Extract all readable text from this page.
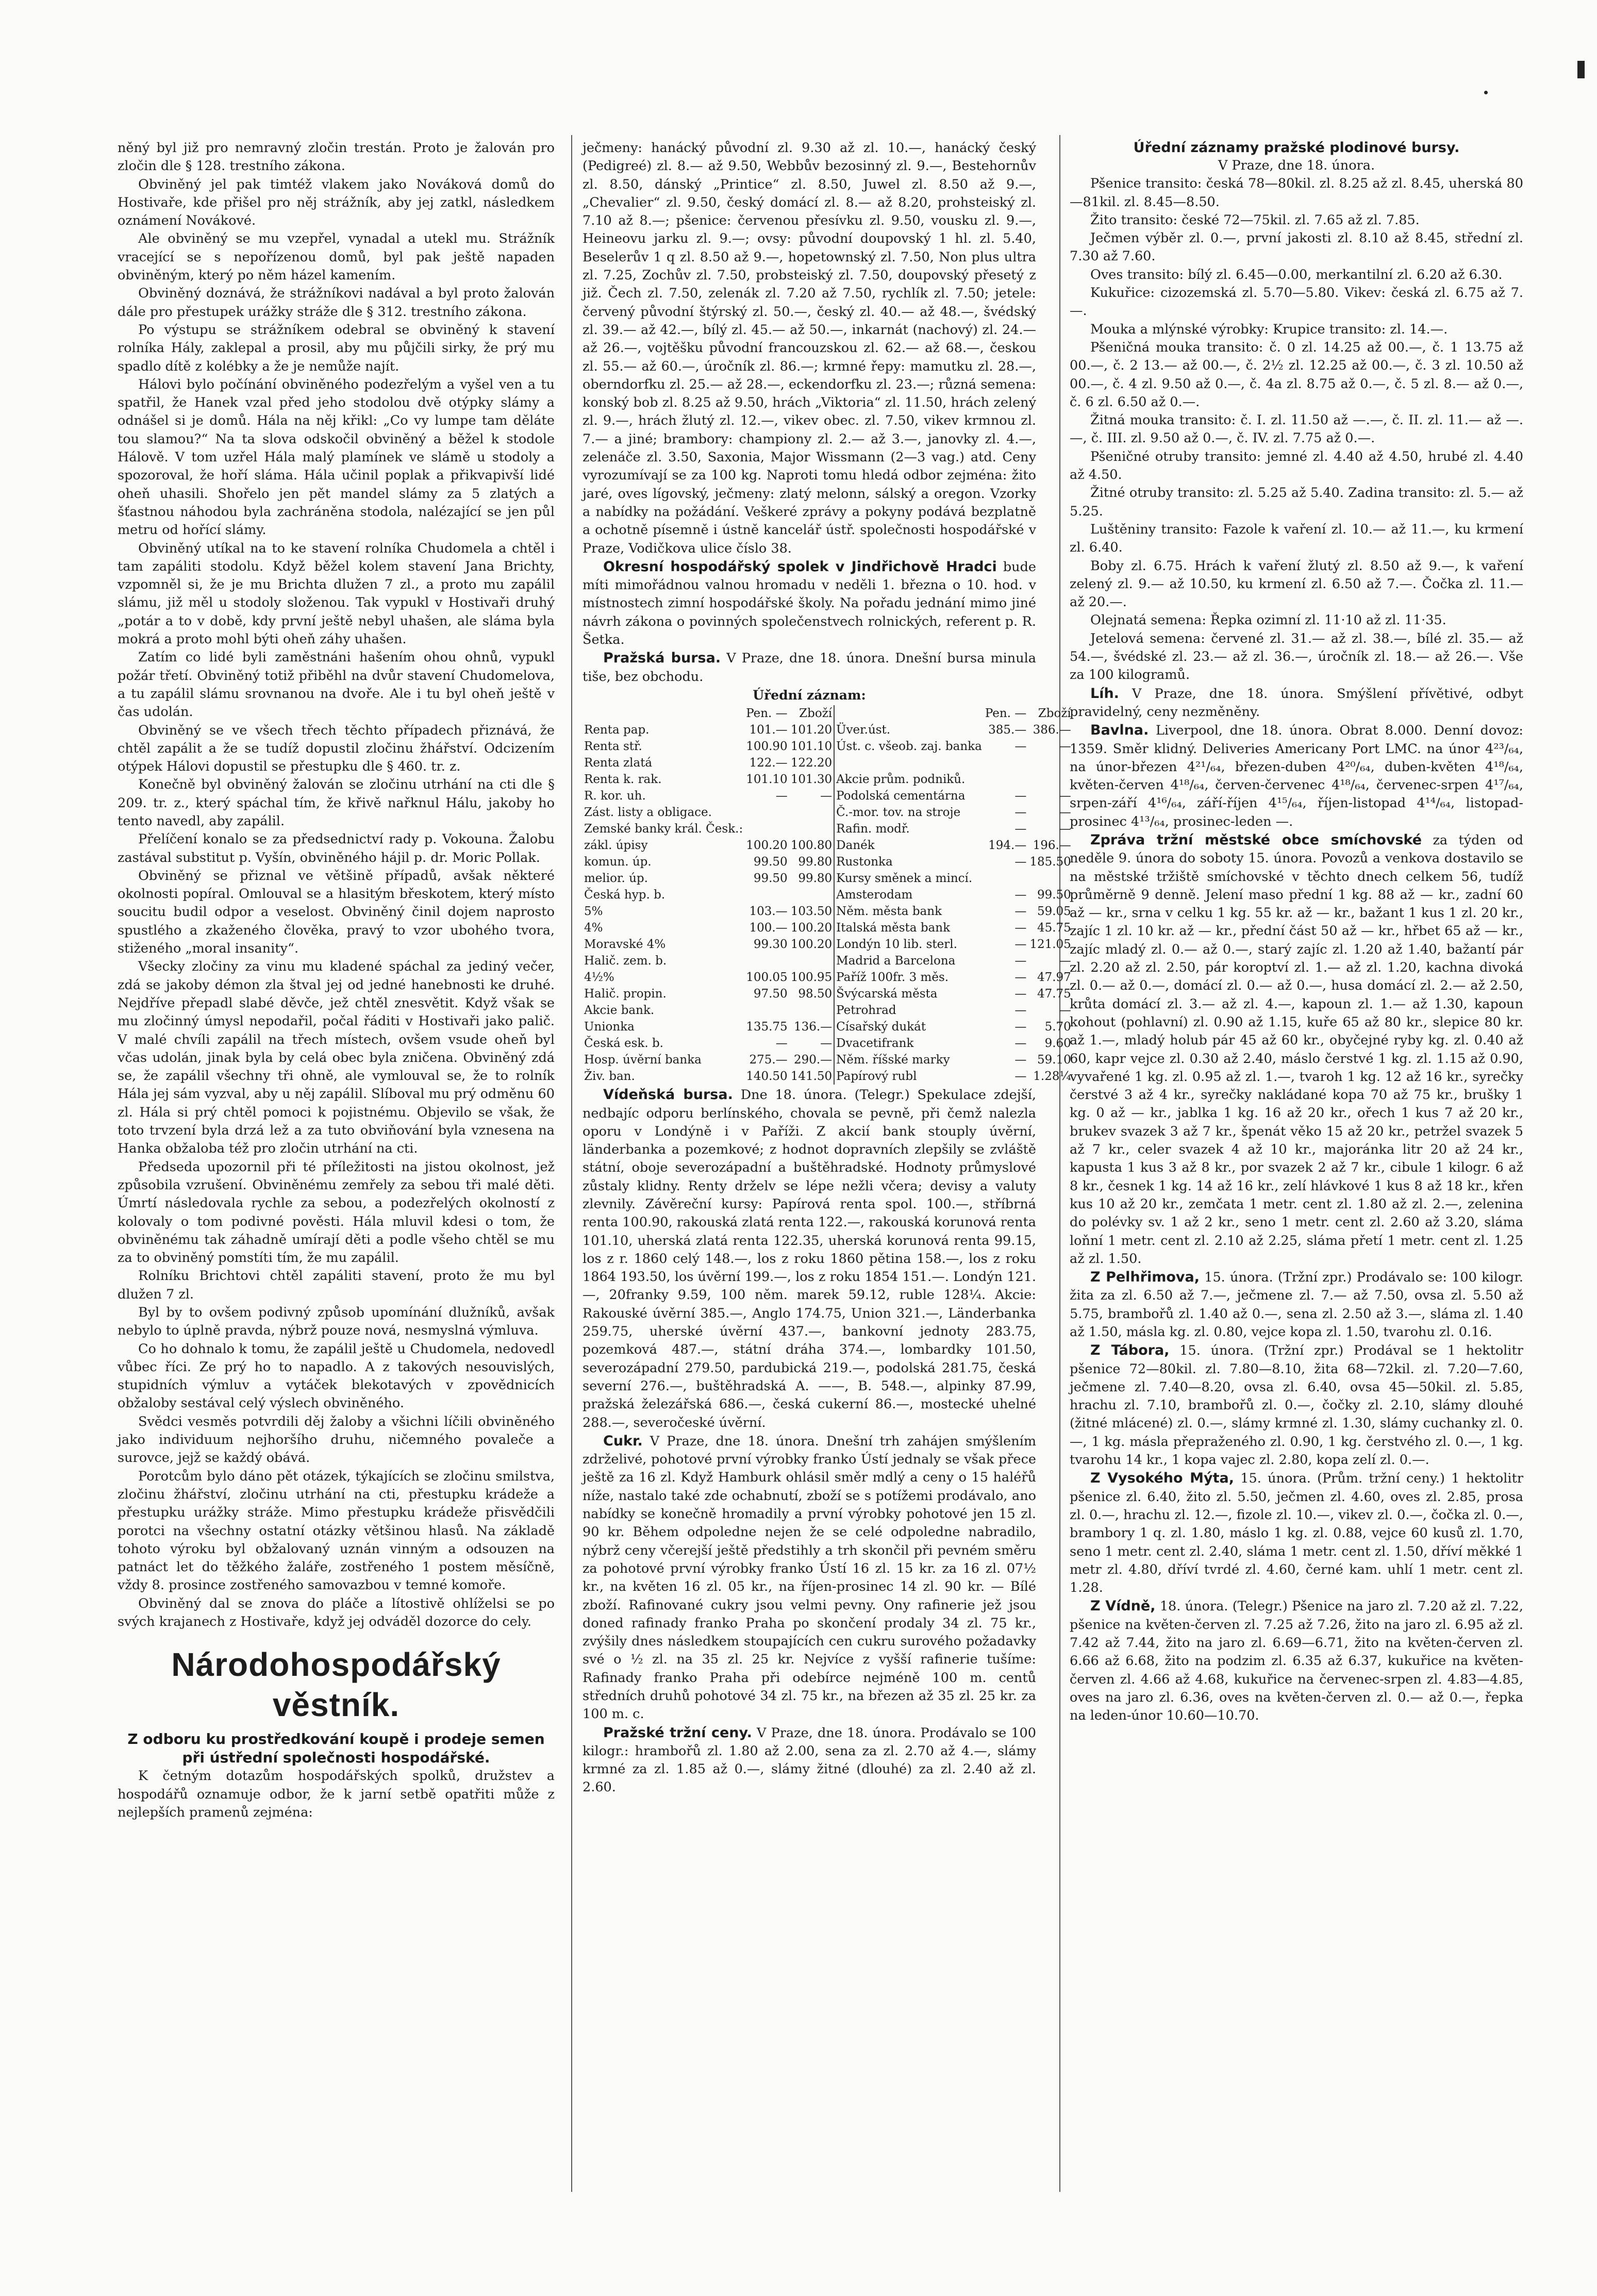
něný byl již pro nemravný zločin trestán. Proto je žalován pro zločin dle § 128. trestního zákona.

Obviněný jel pak timtéž vlakem jako Nováková domů do Hostivaře, kde přišel pro něj strážník, aby jej zatkl, následkem oznámení Novákové.

Ale obviněný se mu vzepřel, vynadal a utekl mu. Strážník vracející se s nepořízenou domů, byl pak ještě napaden obviněným, který po něm házel kamením.

Obviněný doznává, že strážníkovi nadával a byl proto žalován dále pro přestupek urážky stráže dle § 312. trestního zákona.

Po výstupu se strážníkem odebral se obviněný k stavení rolníka Hály, zaklepal a prosil, aby mu půjčili sirky, že prý mu spadlo dítě z kolébky a že je nemůže najít.

Hálovi bylo počínání obviněného podezřelým a vyšel ven a tu spatřil, že Hanek vzal před jeho stodolou dvě otýpky slámy a odnášel si je domů. Hála na něj křikl: „Co vy lumpe tam děláte tou slamou?“ Na ta slova odskočil obviněný a běžel k stodole Hálově. V tom uzřel Hála malý plamínek ve slámě u stodoly a spozoroval, že hoří sláma. Hála učinil poplak a přikvapivší lidé oheň uhasili. Shořelo jen pět mandel slámy za 5 zlatých a šťastnou náhodou byla zachráněna stodola, nalézající se jen půl metru od hořící slámy.

Obviněný utíkal na to ke stavení rolníka Chudomela a chtěl i tam zapáliti stodolu. Když běžel kolem stavení Jana Brichty, vzpomněl si, že je mu Brichta dlužen 7 zl., a proto mu zapálil slámu, již měl u stodoly složenou. Tak vypukl v Hostivaři druhý „potár a to v době, kdy první ještě nebyl uhašen, ale sláma byla mokrá a proto mohl býti oheň záhy uhašen.

Zatím co lidé byli zaměstnáni hašením ohou ohnů, vypukl požár třetí. Obviněný totiž přiběhl na dvůr stavení Chudomelova, a tu zapálil slámu srovnanou na dvoře. Ale i tu byl oheň ještě v čas udolán.

Obviněný se ve všech třech těchto případech přiznává, že chtěl zapálit a že se tudíž dopustil zločinu žhářství. Odcizením otýpek Hálovi dopustil se přestupku dle § 460. tr. z.

Konečně byl obviněný žalován se zločinu utrhání na cti dle § 209. tr. z., který spáchal tím, že křivě nařknul Hálu, jakoby ho tento navedl, aby zapálil.

Přelíčení konalo se za předsednictví rady p. Vokouna. Žalobu zastával substitut p. Vyšín, obviněného hájil p. dr. Moric Pollak.

Obviněný se přiznal ve většině případů, avšak některé okolnosti popíral. Omlouval se a hlasitým břeskotem, který místo soucitu budil odpor a veselost. Obviněný činil dojem naprosto spustlého a zkaženého člověka, pravý to vzor ubohého tvora, stiženého „moral insanity“.

Všecky zločiny za vinu mu kladené spáchal za jediný večer, zdá se jakoby démon zla štval jej od jedné hanebnosti ke druhé. Nejdříve přepadl slabé děvče, jež chtěl znesvětit. Když však se mu zločinný úmysl nepodařil, počal řáditi v Hostivaři jako palič. V malé chvíli zapálil na třech místech, ovšem vsude oheň byl včas udolán, jinak byla by celá obec byla zničena. Obviněný zdá se, že zapálil všechny tři ohně, ale vymlouval se, že to rolník Hála jej sám vyzval, aby u něj zapálil. Slíboval mu prý odměnu 60 zl. Hála si prý chtěl pomoci k pojistnému. Objevilo se však, že toto trvzení byla drzá lež a za tuto obviňování byla vznesena na Hanka obžaloba též pro zločin utrhání na cti.

Předseda upozornil při té příležitosti na jistou okolnost, jež způsobila vzrušení. Obviněnému zemřely za sebou tři malé děti. Úmrtí následovala rychle za sebou, a podezřelých okolností z kolovaly o tom podivné pověsti. Hála mluvil kdesi o tom, že obviněnému tak záhadně umírají děti a podle všeho chtěl se mu za to obviněný pomstíti tím, že mu zapálil.

Rolníku Brichtovi chtěl zapáliti stavení, proto že mu byl dlužen 7 zl.

Byl by to ovšem podivný způsob upomínání dlužníků, avšak nebylo to úplně pravda, nýbrž pouze nová, nesmyslná výmluva.

Co ho dohnalo k tomu, že zapálil ještě u Chudomela, nedovedl vůbec říci. Ze prý ho to napadlo. A z takových nesouvislých, stupidních výmluv a vytáček blekotavých v zpovědnicích obžaloby sestával celý výslech obviněného.

Svědci vesměs potvrdili děj žaloby a všichni líčili obviněného jako individuum nejhoršího druhu, ničemného povaleče a surovce, jejž se každý obává.

Porotcům bylo dáno pět otázek, týkajících se zločinu smilstva, zločinu žhářství, zločinu utrhání na cti, přestupku krádeže a přestupku urážky stráže. Mimo přestupku krádeže přisvědčili porotci na všechny ostatní otázky většinou hlasů. Na základě tohoto výroku byl obžalovaný uznán vinným a odsouzen na patnáct let do těžkého žaláře, zostřeného 1 postem měsíčně, vždy 8. prosince zostřeného samovazbou v temné komoře.

Obviněný dal se znova do pláče a lítostivě ohlíželsi se po svých krajanech z Hostivaře, když jej odváděl dozorce do cely.

Národohospodářský věstník.

Z odboru ku prostředkování koupě i prodeje semen při ústřední společnosti hospodářské.

K četným dotazům hospodářských spolků, družstev a hospodářů oznamuje odbor, že k jarní setbě opatřiti může z nejlepších pramenů zejména:

ječmeny: hanácký původní zl. 9.30 až zl. 10.—, hanácký český (Pedigreé) zl. 8.— až 9.50, Webbův bezosinný zl. 9.—, Bestehornův zl. 8.50, dánský „Printice“ zl. 8.50, Juwel zl. 8.50 až 9.—, „Chevalier“ zl. 9.50, český domácí zl. 8.— až 8.20, prohsteiský zl. 7.10 až 8.—; pšenice: červenou přesívku zl. 9.50, vousku zl. 9.—, Heineovu jarku zl. 9.—; ovsy: původní doupovský 1 hl. zl. 5.40, Beselerův 1 q zl. 8.50 až 9.—, hopetownský zl. 7.50, Non plus ultra zl. 7.25, Zochův zl. 7.50, probsteiský zl. 7.50, doupovský přesetý z již. Čech zl. 7.50, zelenák zl. 7.20 až 7.50, rychlík zl. 7.50; jetele: červený původní štýrský zl. 50.—, český zl. 40.— až 48.—, švédský zl. 39.— až 42.—, bílý zl. 45.— až 50.—, inkarnát (nachový) zl. 24.— až 26.—, vojtěšku původní francouzskou zl. 62.— až 68.—, českou zl. 55.— až 60.—, úročník zl. 86.—; krmné řepy: mamutku zl. 28.—, oberndorfku zl. 25.— až 28.—, eckendorfku zl. 23.—; různá semena: konský bob zl. 8.25 až 9.50, hrách „Viktoria“ zl. 11.50, hrách zelený zl. 9.—, hrách žlutý zl. 12.—, vikev obec. zl. 7.50, vikev krmnou zl. 7.— a jiné; brambory: championy zl. 2.— až 3.—, janovky zl. 4.—, zelenáče zl. 3.50, Saxonia, Major Wissmann (2—3 vag.) atd. Ceny vyrozumívají se za 100 kg. Naproti tomu hledá odbor zejména: žito jaré, oves lígovský, ječmeny: zlatý melonn, sálský a oregon. Vzorky a nabídky na požádání. Veškeré zprávy a pokyny podává bezplatně a ochotně písemně i ústně kancelář ústř. společnosti hospodářské v Praze, Vodičkova ulice číslo 38.

Okresní hospodářský spolek v Jindřichově Hradci bude míti mimořádnou valnou hromadu v neděli 1. března o 10. hod. v místnostech zimní hospodářské školy. Na pořadu jednání mimo jiné návrh zákona o povinných společenstvech rolnických, referent p. R. Šetka.

Pražská bursa. V Praze, dne 18. února. Dnešní bursa minula tiše, bez obchodu.

Úřední záznam:
	Pen. —	Zboží			Pen. —	Zboží
Renta pap.	101.—	101.20		Üver.úst.	385.—	386.—
Renta stř.	100.90	101.10		Úst. c. všeob. zaj. banka	—	—
Renta zlatá	122.—	122.20				
Renta k. rak.	101.10	101.30		Akcie prům. podniků.		
R. kor. uh.	—	—		Podolská cementárna	—	—
Zást. listy a obligace.				Č.-mor. tov. na stroje	—	—
Zemské banky král. Česk.:				Rafin. modř.	—	—
zákl. úpisy	100.20	100.80		Danék	194.—	196.—
komun. úp.	99.50	99.80		Rustonka	—	185.50
melior. úp.	99.50	99.80		Kursy směnek a mincí.		
Česká hyp. b.				Amsterodam	—	99.50
5%	103.—	103.50		Něm. města bank	—	59.05
4%	100.—	100.20		Italská města bank	—	45.75
Moravské 4%	99.30	100.20		Londýn 10 lib. sterl.	—	121.05
Halič. zem. b.				Madrid a Barcelona	—	—
4½%	100.05	100.95		Paříž 100fr. 3 měs.	—	47.97
Halič. propin.	97.50	98.50		Švýcarská města	—	47.75
Akcie bank.				Petrohrad	—	—
Unionka	135.75	136.—		Císařský dukát	—	5.70
Česká esk. b.	—	—		Dvacetifrank	—	9.60
Hosp. úvěrní banka	275.—	290.—		Něm. říšské marky	—	59.10
Živ. ban.	140.50	141.50		Papírový rubl	—	1.28¼

Vídeňská bursa. Dne 18. února. (Telegr.) Spekulace zdejší, nedbajíc odporu berlínského, chovala se pevně, při čemž nalezla oporu v Londýně i v Paříži. Z akcií bank stouply úvěrní, länderbanka a pozemkové; z hodnot dopravních zlepšily se zvláště státní, oboje severozápadní a buštěhradské. Hodnoty průmyslové zůstaly klidny. Renty drželv se lépe nežli včera; devisy a valuty zlevnily. Závěreční kursy: Papírová renta spol. 100.—, stříbrná renta 100.90, rakouská zlatá renta 122.—, rakouská korunová renta 101.10, uherská zlatá renta 122.35, uherská korunová renta 99.15, los z r. 1860 celý 148.—, los z roku 1860 pětina 158.—, los z roku 1864 193.50, los úvěrní 199.—, los z roku 1854 151.—. Londýn 121.—, 20franky 9.59, 100 něm. marek 59.12, ruble 128¼. Akcie: Rakouské úvěrní 385.—, Anglo 174.75, Union 321.—, Länderbanka 259.75, uherské úvěrní 437.—, bankovní jednoty 283.75, pozemková 487.—, státní dráha 374.—, lombardky 101.50, severozápadní 279.50, pardubická 219.—, podolská 281.75, česká severní 276.—, buštěhradská A. ——, B. 548.—, alpinky 87.99, pražská železářská 686.—, česká cukerní 86.—, mostecké uhelné 288.—, severočeské úvěrní.

Cukr. V Praze, dne 18. února. Dnešní trh zahájen smýšlením zdrželivé, pohotové první výrobky franko Ústí jednaly se však přece ještě za 16 zl. Když Hamburk ohlásil směr mdlý a ceny o 15 haléřů níže, nastalo také zde ochabnutí, zboží se s potížemi prodávalo, ano nabídky se konečně hromadily a první výrobky pohotové jen 15 zl. 90 kr. Během odpoledne nejen že se celé odpoledne nabradilo, nýbrž ceny včerejší ještě předstihly a trh skončil při pevném směru za pohotové první výrobky franko Ústí 16 zl. 15 kr. za 16 zl. 07½ kr., na květen 16 zl. 05 kr., na říjen-prosinec 14 zl. 90 kr. — Bílé zboží. Rafinované cukry jsou velmi pevny. Ony rafinerie jež jsou doned rafinady franko Praha po skončení prodaly 34 zl. 75 kr., zvýšily dnes následkem stoupajících cen cukru surového požadavky své o ½ zl. na 35 zl. 25 kr. Nejvíce z vyšší rafinerie tušíme: Rafinady franko Praha při odebírce nejméně 100 m. centů středních druhů pohotové 34 zl. 75 kr., na březen až 35 zl. 25 kr. za 100 m. c.

Pražské tržní ceny. V Praze, dne 18. února. Prodávalo se 100 kilogr.: hrambořů zl. 1.80 až 2.00, sena za zl. 2.70 až 4.—, slámy krmné za zl. 1.85 až 0.—, slámy žitné (dlouhé) za zl. 2.40 až zl. 2.60.

Úřední záznamy pražské plodinové bursy.

V Praze, dne 18. února.

Pšenice transito: česká 78—80kil. zl. 8.25 až zl. 8.45, uherská 80—81kil. zl. 8.45—8.50.

Žito transito: české 72—75kil. zl. 7.65 až zl. 7.85.

Ječmen výběr zl. 0.—, první jakosti zl. 8.10 až 8.45, střední zl. 7.30 až 7.60.

Oves transito: bílý zl. 6.45—0.00, merkantilní zl. 6.20 až 6.30.

Kukuřice: cizozemská zl. 5.70—5.80. Vikev: česká zl. 6.75 až 7.—.

Mouka a mlýnské výrobky: Krupice transito: zl. 14.—.

Pšeničná mouka transito: č. 0 zl. 14.25 až 00.—, č. 1 13.75 až 00.—, č. 2 13.— až 00.—, č. 2½ zl. 12.25 až 00.—, č. 3 zl. 10.50 až 00.—, č. 4 zl. 9.50 až 0.—, č. 4a zl. 8.75 až 0.—, č. 5 zl. 8.— až 0.—, č. 6 zl. 6.50 až 0.—.

Žitná mouka transito: č. I. zl. 11.50 až —.—, č. II. zl. 11.— až —.—, č. III. zl. 9.50 až 0.—, č. IV. zl. 7.75 až 0.—.

Pšeničné otruby transito: jemné zl. 4.40 až 4.50, hrubé zl. 4.40 až 4.50.

Žitné otruby transito: zl. 5.25 až 5.40. Zadina transito: zl. 5.— až 5.25.

Luštěniny transito: Fazole k vaření zl. 10.— až 11.—, ku krmení zl. 6.40.

Boby zl. 6.75. Hrách k vaření žlutý zl. 8.50 až 9.—, k vaření zelený zl. 9.— až 10.50, ku krmení zl. 6.50 až 7.—. Čočka zl. 11.— až 20.—.

Olejnatá semena: Řepka ozimní zl. 11·10 až zl. 11·35.

Jetelová semena: červené zl. 31.— až zl. 38.—, bílé zl. 35.— až 54.—, švédské zl. 23.— až zl. 36.—, úročník zl. 18.— až 26.—. Vše za 100 kilogramů.

Líh. V Praze, dne 18. února. Smýšlení přívětivé, odbyt pravidelný, ceny nezměněny.

Bavlna. Liverpool, dne 18. února. Obrat 8.000. Denní dovoz: 1359. Směr klidný. Deliveries Americany Port LMC. na únor 4²³/₆₄, na únor-březen 4²¹/₆₄, březen-duben 4²⁰/₆₄, duben-květen 4¹⁸/₆₄, květen-červen 4¹⁸/₆₄, červen-červenec 4¹⁸/₆₄, červenec-srpen 4¹⁷/₆₄, srpen-září 4¹⁶/₆₄, září-říjen 4¹⁵/₆₄, říjen-listopad 4¹⁴/₆₄, listopad-prosinec 4¹³/₆₄, prosinec-leden —.

Zpráva tržní městské obce smíchovské za týden od neděle 9. února do soboty 15. února. Povozů a venkova dostavilo se na městské tržiště smíchovské v těchto dnech celkem 56, tudíž průměrně 9 denně. Jelení maso přední 1 kg. 88 až — kr., zadní 60 až — kr., srna v celku 1 kg. 55 kr. až — kr., bažant 1 kus 1 zl. 20 kr., zajíc 1 zl. 10 kr. až — kr., přední část 50 až — kr., hřbet 65 až — kr., zajíc mladý zl. 0.— až 0.—, starý zajíc zl. 1.20 až 1.40, bažantí pár zl. 2.20 až zl. 2.50, pár koroptví zl. 1.— až zl. 1.20, kachna divoká zl. 0.— až 0.—, domácí zl. 0.— až 0.—, husa domácí zl. 2.— až 2.50, krůta domácí zl. 3.— až zl. 4.—, kapoun zl. 1.— až 1.30, kapoun kohout (pohlavní) zl. 0.90 až 1.15, kuře 65 až 80 kr., slepice 80 kr. až 1.—, mladý holub pár 45 až 60 kr., obyčejné ryby kg. zl. 0.40 až 60, kapr vejce zl. 0.30 až 2.40, máslo čerstvé 1 kg. zl. 1.15 až 0.90, vyvařené 1 kg. zl. 0.95 až zl. 1.—, tvaroh 1 kg. 12 až 16 kr., syrečky čerstvé 3 až 4 kr., syrečky nakládané kopa 70 až 75 kr., brušky 1 kg. 0 až — kr., jablka 1 kg. 16 až 20 kr., ořech 1 kus 7 až 20 kr., brukev svazek 3 až 7 kr., špenát věko 15 až 20 kr., petržel svazek 5 až 7 kr., celer svazek 4 až 10 kr., majoránka litr 20 až 24 kr., kapusta 1 kus 3 až 8 kr., por svazek 2 až 7 kr., cibule 1 kilogr. 6 až 8 kr., česnek 1 kg. 14 až 16 kr., zelí hlávkové 1 kus 8 až 18 kr., křen kus 10 až 20 kr., zemčata 1 metr. cent zl. 1.80 až zl. 2.—, zelenina do polévky sv. 1 až 2 kr., seno 1 metr. cent zl. 2.60 až 3.20, sláma loňní 1 metr. cent zl. 2.10 až 2.25, sláma přetí 1 metr. cent zl. 1.25 až zl. 1.50.

Z Pelhřimova, 15. února. (Tržní zpr.) Prodávalo se: 100 kilogr. žita za zl. 6.50 až 7.—, ječmene zl. 7.— až 7.50, ovsa zl. 5.50 až 5.75, brambořů zl. 1.40 až 0.—, sena zl. 2.50 až 3.—, sláma zl. 1.40 až 1.50, másla kg. zl. 0.80, vejce kopa zl. 1.50, tvarohu zl. 0.16.

Z Tábora, 15. února. (Tržní zpr.) Prodával se 1 hektolitr pšenice 72—80kil. zl. 7.80—8.10, žita 68—72kil. zl. 7.20—7.60, ječmene zl. 7.40—8.20, ovsa zl. 6.40, ovsa 45—50kil. zl. 5.85, hrachu zl. 7.10, brambořů zl. 0.—, čočky zl. 2.10, slámy dlouhé (žitné mlácené) zl. 0.—, slámy krmné zl. 1.30, slámy cuchanky zl. 0.—, 1 kg. másla přepraženého zl. 0.90, 1 kg. čerstvého zl. 0.—, 1 kg. tvarohu 14 kr., 1 kopa vajec zl. 2.80, kopa zelí zl. 0.—.

Z Vysokého Mýta, 15. února. (Prům. tržní ceny.) 1 hektolitr pšenice zl. 6.40, žito zl. 5.50, ječmen zl. 4.60, oves zl. 2.85, prosa zl. 0.—, hrachu zl. 12.—, fizole zl. 10.—, vikev zl. 0.—, čočka zl. 0.—, brambory 1 q. zl. 1.80, máslo 1 kg. zl. 0.88, vejce 60 kusů zl. 1.70, seno 1 metr. cent zl. 2.40, sláma 1 metr. cent zl. 1.50, dříví měkké 1 metr zl. 4.80, dříví tvrdé zl. 4.60, černé kam. uhlí 1 metr. cent zl. 1.28.

Z Vídně, 18. února. (Telegr.) Pšenice na jaro zl. 7.20 až zl. 7.22, pšenice na květen-červen zl. 7.25 až 7.26, žito na jaro zl. 6.95 až zl. 7.42 až 7.44, žito na jaro zl. 6.69—6.71, žito na květen-červen zl. 6.66 až 6.68, žito na podzim zl. 6.35 až 6.37, kukuřice na květen-červen zl. 4.66 až 4.68, kukuřice na červenec-srpen zl. 4.83—4.85, oves na jaro zl. 6.36, oves na květen-červen zl. 0.— až 0.—, řepka na leden-únor 10.60—10.70.
